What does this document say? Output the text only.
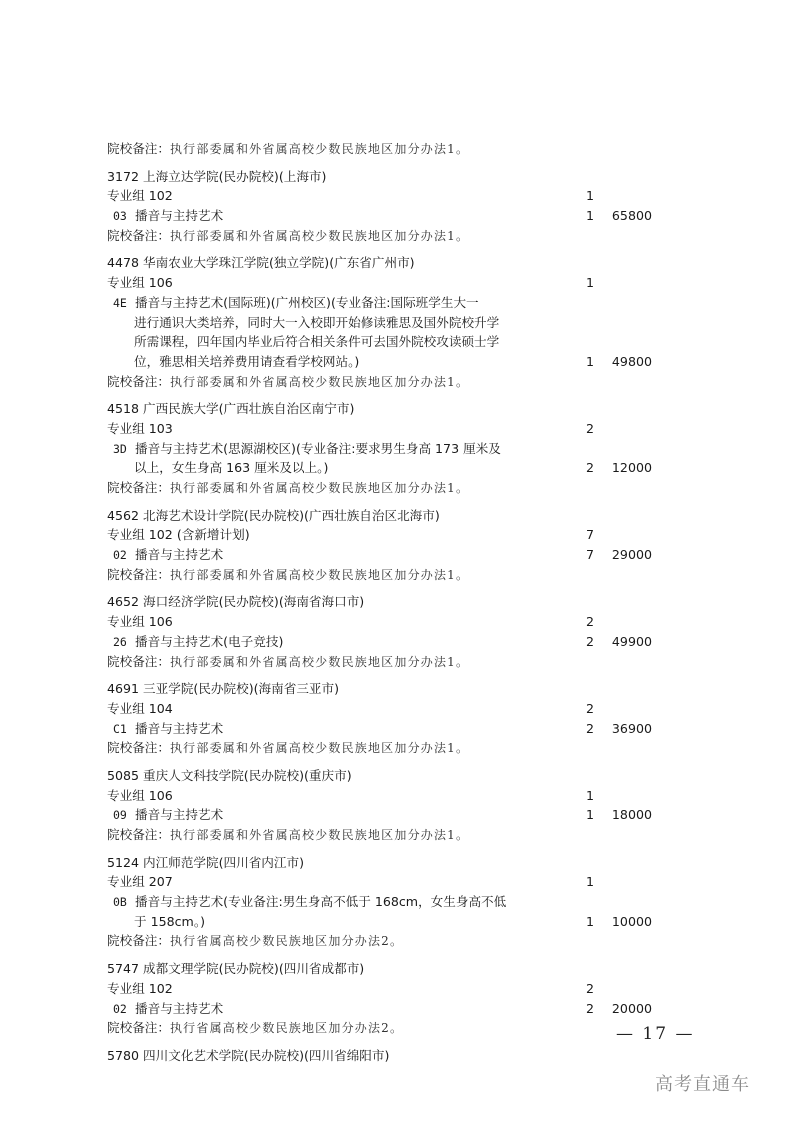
院校备注：执行部委属和外省属高校少数民族地区加分办法1。
3172 上海立达学院(民办院校)(上海市)
专业组 102	1
03 播音与主持艺术	1 65800
院校备注：执行部委属和外省属高校少数民族地区加分办法1。
4478 华南农业大学珠江学院(独立学院)(广东省广州市)
专业组 106	1
4E 播音与主持艺术(国际班)(广州校区)(专业备注:国际班学生大一
进行通识大类培养，同时大一入校即开始修读雅思及国外院校升学
所需课程，四年国内毕业后符合相关条件可去国外院校攻读硕士学
位，雅思相关培养费用请查看学校网站。)	1 49800
院校备注：执行部委属和外省属高校少数民族地区加分办法1。
4518 广西民族大学(广西壮族自治区南宁市)
专业组 103	2
3D 播音与主持艺术(思源湖校区)(专业备注:要求男生身高 173 厘米及
以上，女生身高 163 厘米及以上。)	2 12000
院校备注：执行部委属和外省属高校少数民族地区加分办法1。
4562 北海艺术设计学院(民办院校)(广西壮族自治区北海市)
专业组 102 (含新增计划)	7
02 播音与主持艺术	7 29000
院校备注：执行部委属和外省属高校少数民族地区加分办法1。
4652 海口经济学院(民办院校)(海南省海口市)
专业组 106	2
26 播音与主持艺术(电子竞技)	2 49900
院校备注：执行部委属和外省属高校少数民族地区加分办法1。
4691 三亚学院(民办院校)(海南省三亚市)
专业组 104	2
C1 播音与主持艺术	2 36900
院校备注：执行部委属和外省属高校少数民族地区加分办法1。
5085 重庆人文科技学院(民办院校)(重庆市)
专业组 106	1
09 播音与主持艺术	1 18000
院校备注：执行部委属和外省属高校少数民族地区加分办法1。
5124 内江师范学院(四川省内江市)
专业组 207	1
0B 播音与主持艺术(专业备注:男生身高不低于 168cm，女生身高不低
于 158cm。)	1 10000
院校备注：执行省属高校少数民族地区加分办法2。
5747 成都文理学院(民办院校)(四川省成都市)
专业组 102	2
02 播音与主持艺术	2 20000
院校备注：执行省属高校少数民族地区加分办法2。
5780 四川文化艺术学院(民办院校)(四川省绵阳市)
— 17 —
高考直通车
